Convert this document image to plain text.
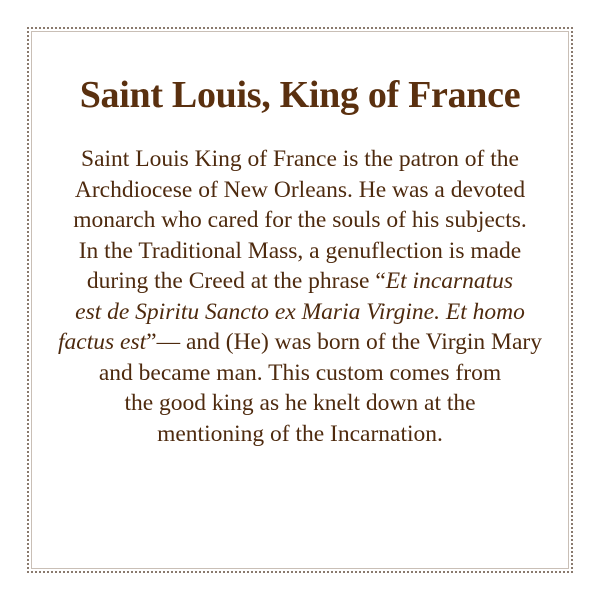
Saint Louis, King of France
Saint Louis King of France is the patron of the
Archdiocese of New Orleans. He was a devoted
monarch who cared for the souls of his subjects.
In the Traditional Mass, a genuflection is made
during the Creed at the phrase “Et incarnatus
est de Spiritu Sancto ex Maria Virgine. Et homo
factus est”— and (He) was born of the Virgin Mary
and became man. This custom comes from
the good king as he knelt down at the
mentioning of the Incarnation.
